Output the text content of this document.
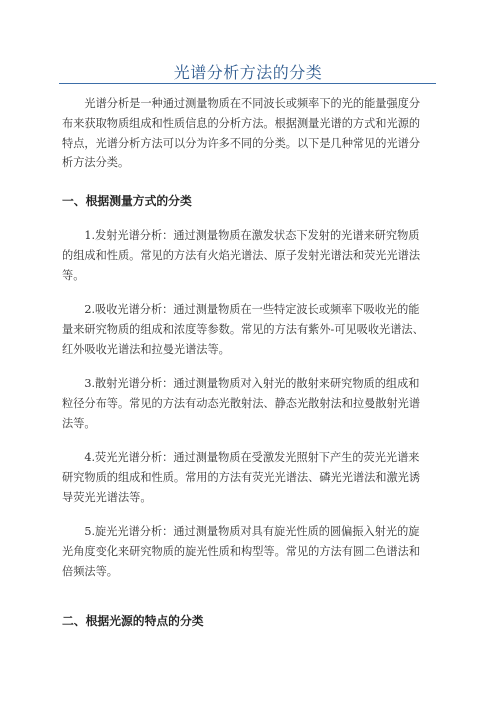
光谱分析方法的分类

　　光谱分析是一种通过测量物质在不同波长或频率下的光的能量强度分
布来获取物质组成和性质信息的分析方法。根据测量光谱的方式和光源的
特点，光谱分析方法可以分为许多不同的分类。以下是几种常见的光谱分
析方法分类。

一、根据测量方式的分类

　　1.发射光谱分析：通过测量物质在激发状态下发射的光谱来研究物质
的组成和性质。常见的方法有火焰光谱法、原子发射光谱法和荧光光谱法
等。

　　2.吸收光谱分析：通过测量物质在一些特定波长或频率下吸收光的能
量来研究物质的组成和浓度等参数。常见的方法有紫外-可见吸收光谱法、
红外吸收光谱法和拉曼光谱法等。

　　3.散射光谱分析：通过测量物质对入射光的散射来研究物质的组成和
粒径分布等。常见的方法有动态光散射法、静态光散射法和拉曼散射光谱
法等。

　　4.荧光光谱分析：通过测量物质在受激发光照射下产生的荧光光谱来
研究物质的组成和性质。常用的方法有荧光光谱法、磷光光谱法和激光诱
导荧光光谱法等。

　　5.旋光光谱分析：通过测量物质对具有旋光性质的圆偏振入射光的旋
光角度变化来研究物质的旋光性质和构型等。常见的方法有圆二色谱法和
倍频法等。

二、根据光源的特点的分类
